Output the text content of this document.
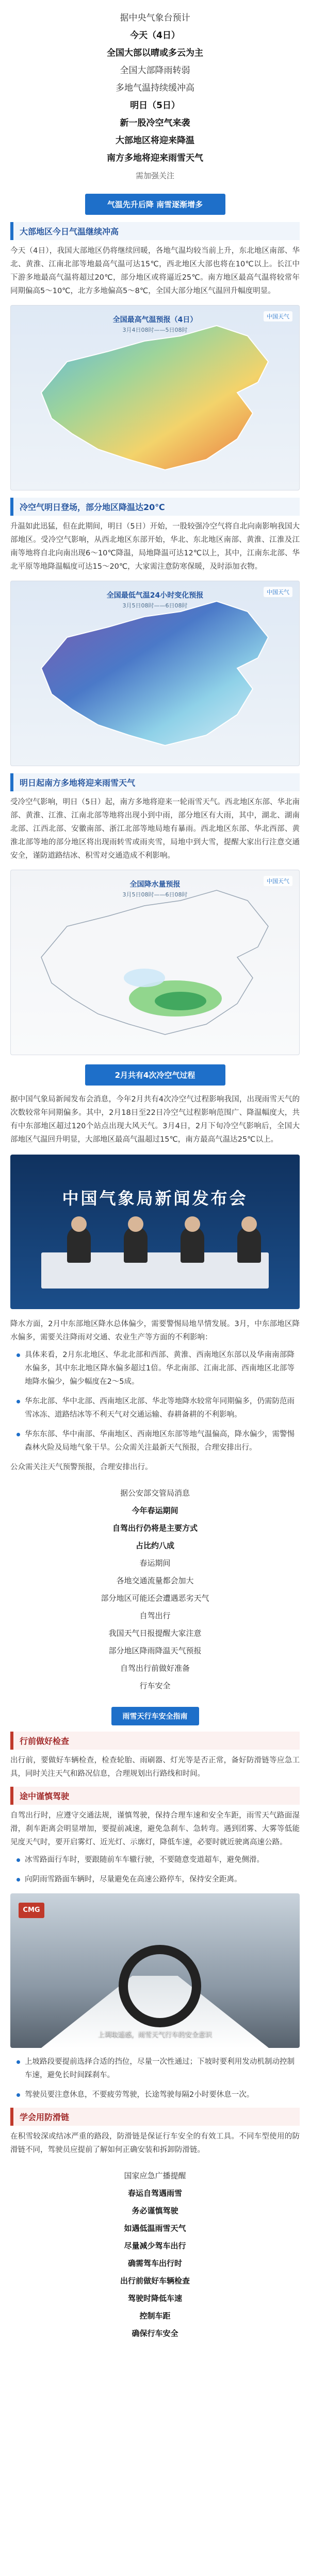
据中央气象台预计
今天（4日）
全国大部以晴或多云为主
全国大部降雨转弱
多地气温持续缓冲高
明日（5日）
新一股冷空气来袭
大部地区将迎来降温
南方多地将迎来雨雪天气
需加强关注
气温先升后降 南雪逐渐增多
大部地区今日气温继续冲高
今天（4日），我国大部地区仍将继续回暖，各地气温均较当前上升，东北地区南部、华北、黄淮、江南北部等地最高气温可达15℃，西北地区大部也将在10℃以上。长江中下游多地最高气温将超过20℃，部分地区或将逼近25℃。南方地区最高气温将较常年同期偏高5～10℃，北方多地偏高5～8℃，全国大部分地区气温回升幅度明显。
全国最高气温预报（4日）
3月4日08时——5日08时
中国天气
冷空气明日登场，部分地区降温达20℃
升温如此迅猛，但在此期间，明日（5日）开始，一股较强冷空气将自北向南影响我国大部地区。受冷空气影响，从西北地区东部开始，华北、东北地区南部、黄淮、江淮及江南等地将自北向南出现6～10℃降温，局地降温可达12℃以上，其中，江南东北部、华北平原等地降温幅度可达15～20℃，大家需注意防寒保暖，及时添加衣物。
全国最低气温24小时变化预报
3月5日08时——6日08时
中国天气
明日起南方多地将迎来雨雪天气
受冷空气影响，明日（5日）起，南方多地将迎来一轮雨雪天气。西北地区东部、华北南部、黄淮、江淮、江南北部等地将出现小到中雨，部分地区有大雨，其中，湖北、湖南北部、江西北部、安徽南部、浙江北部等地局地有暴雨。西北地区东部、华北西部、黄淮北部等地的部分地区将出现雨转雪或雨夹雪，局地中到大雪，提醒大家出行注意交通安全，谨防道路结冰、积雪对交通造成不利影响。
全国降水量预报
3月5日08时——6日08时
中国天气
2月共有4次冷空气过程
据中国气象局新闻发布会消息，今年2月共有4次冷空气过程影响我国，出现雨雪天气的次数较常年同期偏多。其中，2月18日至22日冷空气过程影响范围广、降温幅度大，共有中东部地区超过120个站点出现大风天气。3月4日，2月下旬冷空气影响后，全国大部地区气温回升明显，大部地区最高气温超过15℃，南方最高气温达25℃以上。
中国气象局新闻发布会
降水方面，2月中东部地区降水总体偏少，需要警惕局地旱情发展。3月，中东部地区降水偏多，需要关注降雨对交通、农业生产等方面的不利影响：
具体来看，2月东北地区、华北北部和西部、黄淮、西南地区东部以及华南南部降水偏多，其中东北地区降水偏多超过1倍。华北南部、江南北部、西南地区北部等地降水偏少，偏少幅度在2～5成。
华东北部、华中北部、西南地区北部、华北等地降水较常年同期偏多，仍需防范雨雪冰冻、道路结冰等不利天气对交通运输、春耕备耕的不利影响。
华东东部、华中南部、华南地区、西南地区东部等地气温偏高，降水偏少，需警惕森林火险及局地气象干旱。公众需关注最新天气预报，合理安排出行。
公众需关注天气预警预报，合理安排出行。
据公安部交管局消息
今年春运期间
自驾出行仍将是主要方式
占比约八成
春运期间
各地交通流量都会加大
部分地区可能还会遭遇恶劣天气
自驾出行
我国天气日报提醒大家注意
部分地区降雨降温天气预报
自驾出行前做好准备
行车安全
雨雪天行车安全指南
行前做好检查
出行前，要做好车辆检查，检查轮胎、雨刷器、灯光等是否正常，备好防滑链等应急工具，同时关注天气和路况信息，合理规划出行路线和时间。
途中谨慎驾驶
自驾出行时，应遵守交通法规，谨慎驾驶，保持合理车速和安全车距，雨雪天气路面湿滑，刹车距离会明显增加，要提前减速，避免急刹车、急转弯。遇到团雾、大雾等低能见度天气时，要开启雾灯、近光灯、示廓灯，降低车速，必要时就近驶离高速公路。
冰雪路面行车时，要跟随前车车辙行驶，不要随意变道超车，避免侧滑。
向阴雨雪路面车辆时，尽量避免在高速公路停车，保持安全距离。
CMG
上调取遥感，雨雪天气行车的安全意识
上坡路段要提前选择合适的挡位，尽量一次性通过；下坡时要利用发动机制动控制车速，避免长时间踩刹车。
驾驶员要注意休息，不要疲劳驾驶，长途驾驶每隔2小时要休息一次。
学会用防滑链
在积雪较深或结冰严重的路段，防滑链是保证行车安全的有效工具。不同车型使用的防滑链不同，驾驶员应提前了解如何正确安装和拆卸防滑链。
国家应急广播提醒
春运自驾遇雨雪
务必谨慎驾驶
如遇低温雨雪天气
尽量减少驾车出行
确需驾车出行时
出行前做好车辆检查
驾驶时降低车速
控制车距
确保行车安全
